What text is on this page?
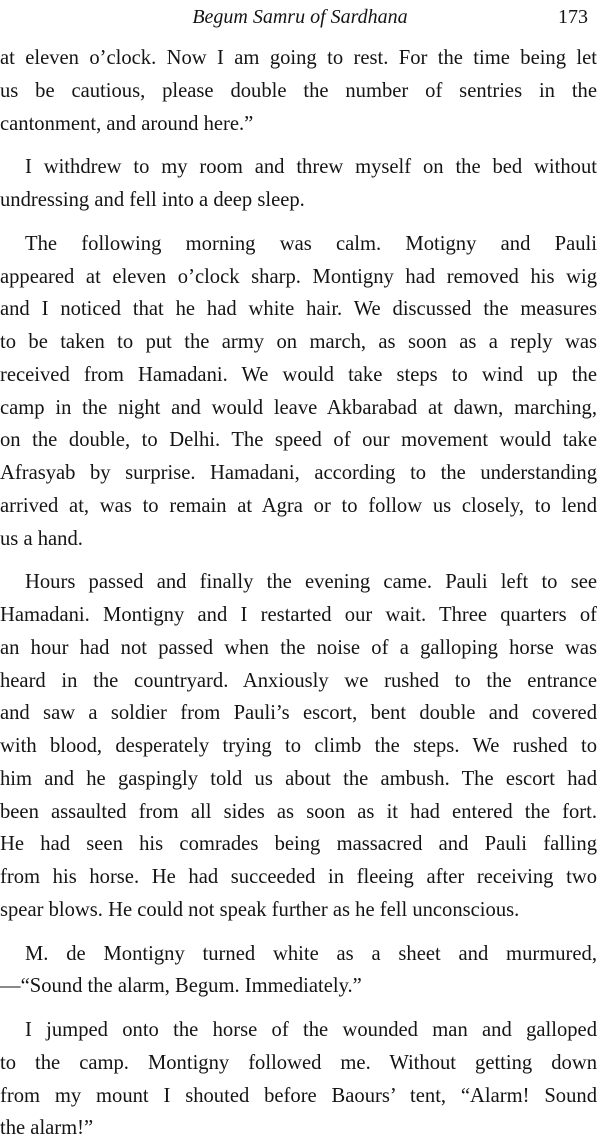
Begum Samru of Sardhana	173

at eleven o’clock. Now I am going to rest. For the time being let

us be cautious, please double the number of sentries in the

cantonment, and around here.”

I withdrew to my room and threw myself on the bed without

undressing and fell into a deep sleep.

The following morning was calm. Motigny and Pauli

appeared at eleven o’clock sharp. Montigny had removed his wig

and I noticed that he had white hair. We discussed the measures

to be taken to put the army on march, as soon as a reply was

received from Hamadani. We would take steps to wind up the

camp in the night and would leave Akbarabad at dawn, marching,

on the double, to Delhi. The speed of our movement would take

Afrasyab by surprise. Hamadani, according to the understanding

arrived at, was to remain at Agra or to follow us closely, to lend

us a hand.

Hours passed and finally the evening came. Pauli left to see

Hamadani. Montigny and I restarted our wait. Three quarters of

an hour had not passed when the noise of a galloping horse was

heard in the countryard. Anxiously we rushed to the entrance

and saw a soldier from Pauli’s escort, bent double and covered

with blood, desperately trying to climb the steps. We rushed to

him and he gaspingly told us about the ambush. The escort had

been assaulted from all sides as soon as it had entered the fort.

He had seen his comrades being massacred and Pauli falling

from his horse. He had succeeded in fleeing after receiving two

spear blows. He could not speak further as he fell unconscious.

M. de Montigny turned white as a sheet and murmured,

—“Sound the alarm, Begum. Immediately.”

I jumped onto the horse of the wounded man and galloped

to the camp. Montigny followed me. Without getting down

from my mount I shouted before Baours’ tent, “Alarm! Sound

the alarm!”
